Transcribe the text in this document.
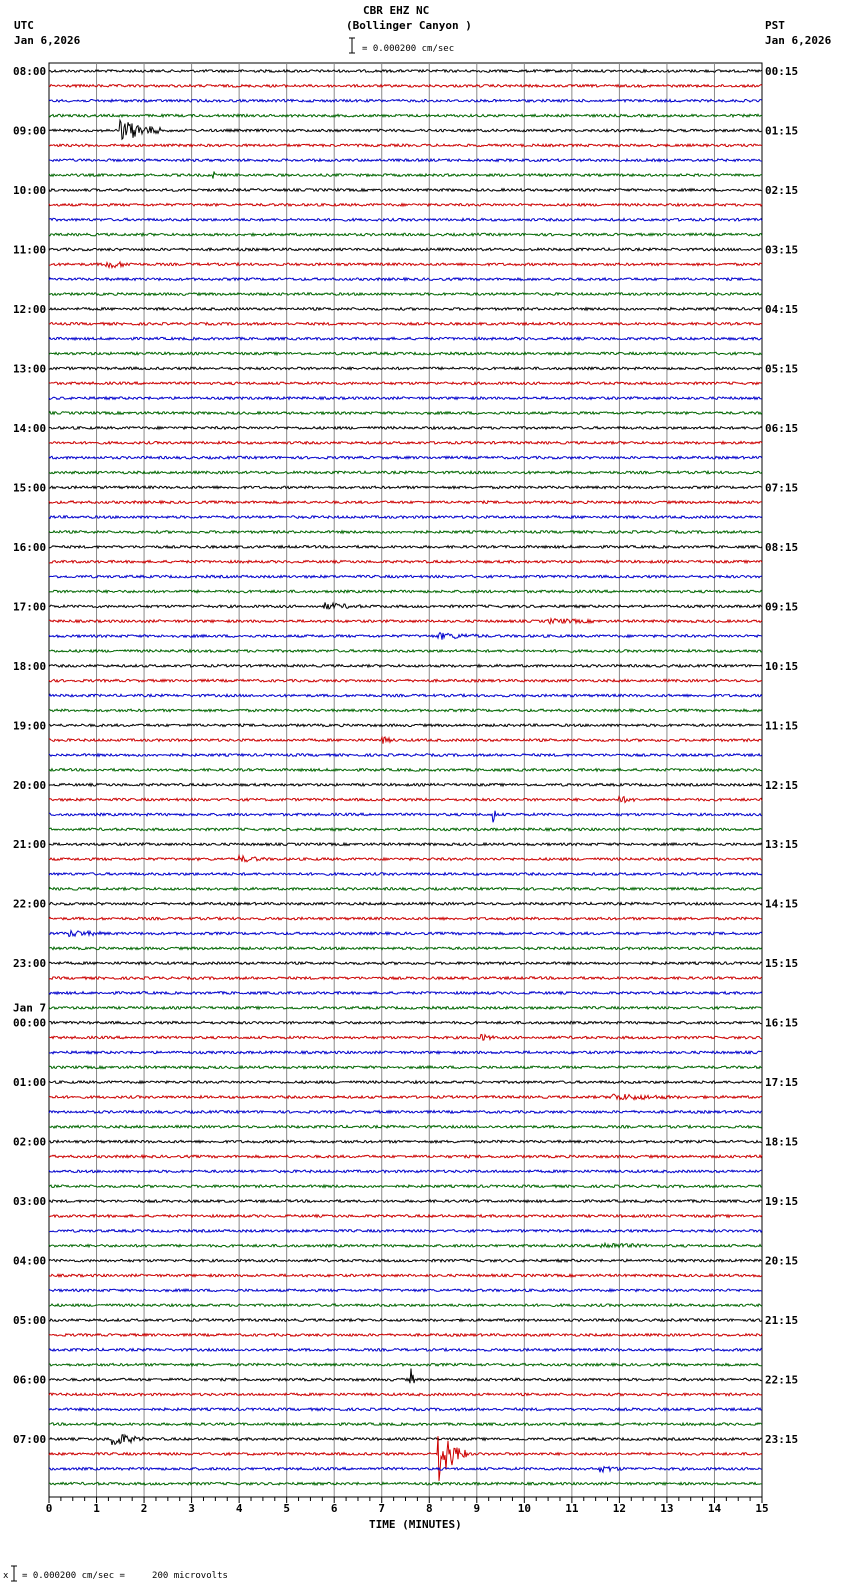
CBR EHZ NC
(Bollinger Canyon )
UTC
Jan 6,2026
PST
Jan 6,2026
= 0.000200 cm/sec
x = 0.000200 cm/sec =     200 microvolts
TIME (MINUTES)
08:00
09:00
10:00
11:00
12:00
13:00
14:00
15:00
16:00
17:00
18:00
19:00
20:00
21:00
22:00
23:00
00:00
01:00
02:00
03:00
04:00
05:00
06:00
07:00
00:15
01:15
02:15
03:15
04:15
05:15
06:15
07:15
08:15
09:15
10:15
11:15
12:15
13:15
14:15
15:15
16:15
17:15
18:15
19:15
20:15
21:15
22:15
23:15
Jan 7
0	1	2	3	4	5	6	7	8	9	10	11	12	13	14	15
